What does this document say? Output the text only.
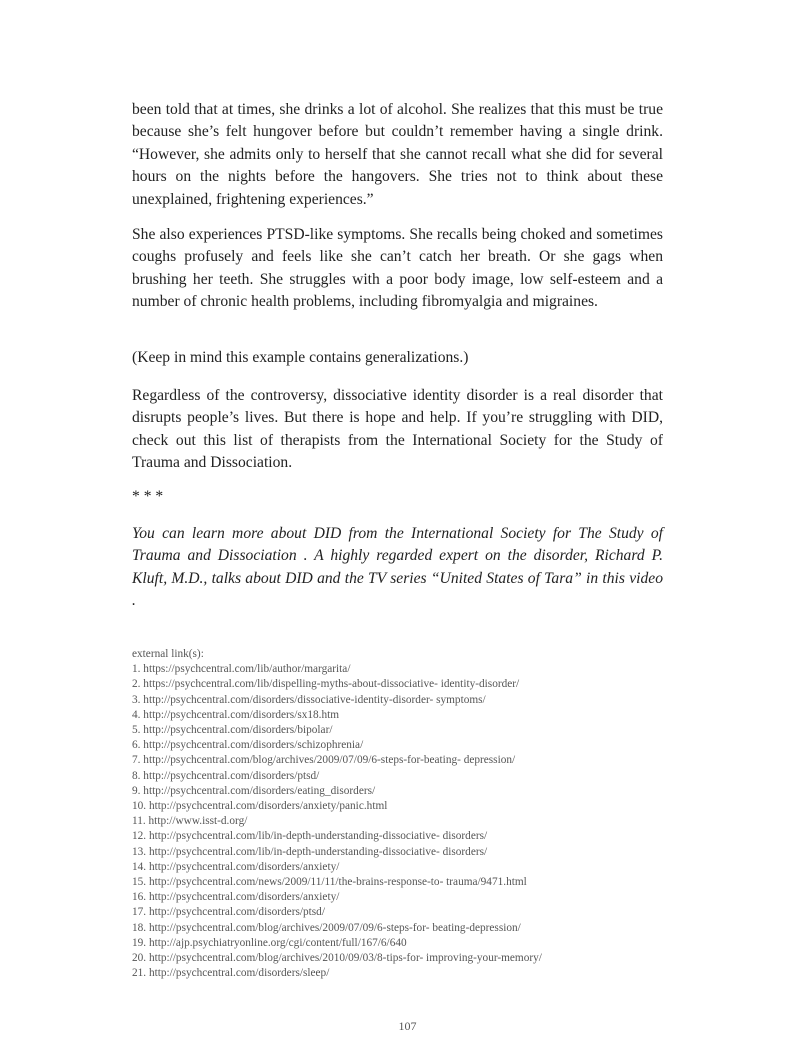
been told that at times, she drinks a lot of alcohol. She realizes that this must be true because she’s felt hungover before but couldn’t remember having a single drink. “However, she admits only to herself that she cannot recall what she did for several hours on the nights before the hangovers. She tries not to think about these unexplained, frightening experiences.”

She also experiences PTSD-like symptoms. She recalls being choked and sometimes coughs profusely and feels like she can’t catch her breath. Or she gags when brushing her teeth. She struggles with a poor body image, low self-esteem and a number of chronic health problems, including fibromyalgia and migraines.

(Keep in mind this example contains generalizations.)

Regardless of the controversy, dissociative identity disorder is a real disorder that disrupts people’s lives. But there is hope and help. If you’re struggling with DID, check out this list of therapists from the International Society for the Study of Trauma and Dissociation.

* * *

You can learn more about DID from the International Society for The Study of Trauma and Dissociation . A highly regarded expert on the disorder, Richard P. Kluft, M.D., talks about DID and the TV series “United States of Tara” in this video .

external link(s):
1. https://psychcentral.com/lib/author/margarita/
2. https://psychcentral.com/lib/dispelling-myths-about-dissociative- identity-disorder/
3. http://psychcentral.com/disorders/dissociative-identity-disorder- symptoms/
4. http://psychcentral.com/disorders/sx18.htm
5. http://psychcentral.com/disorders/bipolar/
6. http://psychcentral.com/disorders/schizophrenia/
7. http://psychcentral.com/blog/archives/2009/07/09/6-steps-for-beating- depression/
8. http://psychcentral.com/disorders/ptsd/
9. http://psychcentral.com/disorders/eating_disorders/
10. http://psychcentral.com/disorders/anxiety/panic.html
11. http://www.isst-d.org/
12. http://psychcentral.com/lib/in-depth-understanding-dissociative- disorders/
13. http://psychcentral.com/lib/in-depth-understanding-dissociative- disorders/
14. http://psychcentral.com/disorders/anxiety/
15. http://psychcentral.com/news/2009/11/11/the-brains-response-to- trauma/9471.html
16. http://psychcentral.com/disorders/anxiety/
17. http://psychcentral.com/disorders/ptsd/
18. http://psychcentral.com/blog/archives/2009/07/09/6-steps-for- beating-depression/
19. http://ajp.psychiatryonline.org/cgi/content/full/167/6/640
20. http://psychcentral.com/blog/archives/2010/09/03/8-tips-for- improving-your-memory/
21. http://psychcentral.com/disorders/sleep/
107
